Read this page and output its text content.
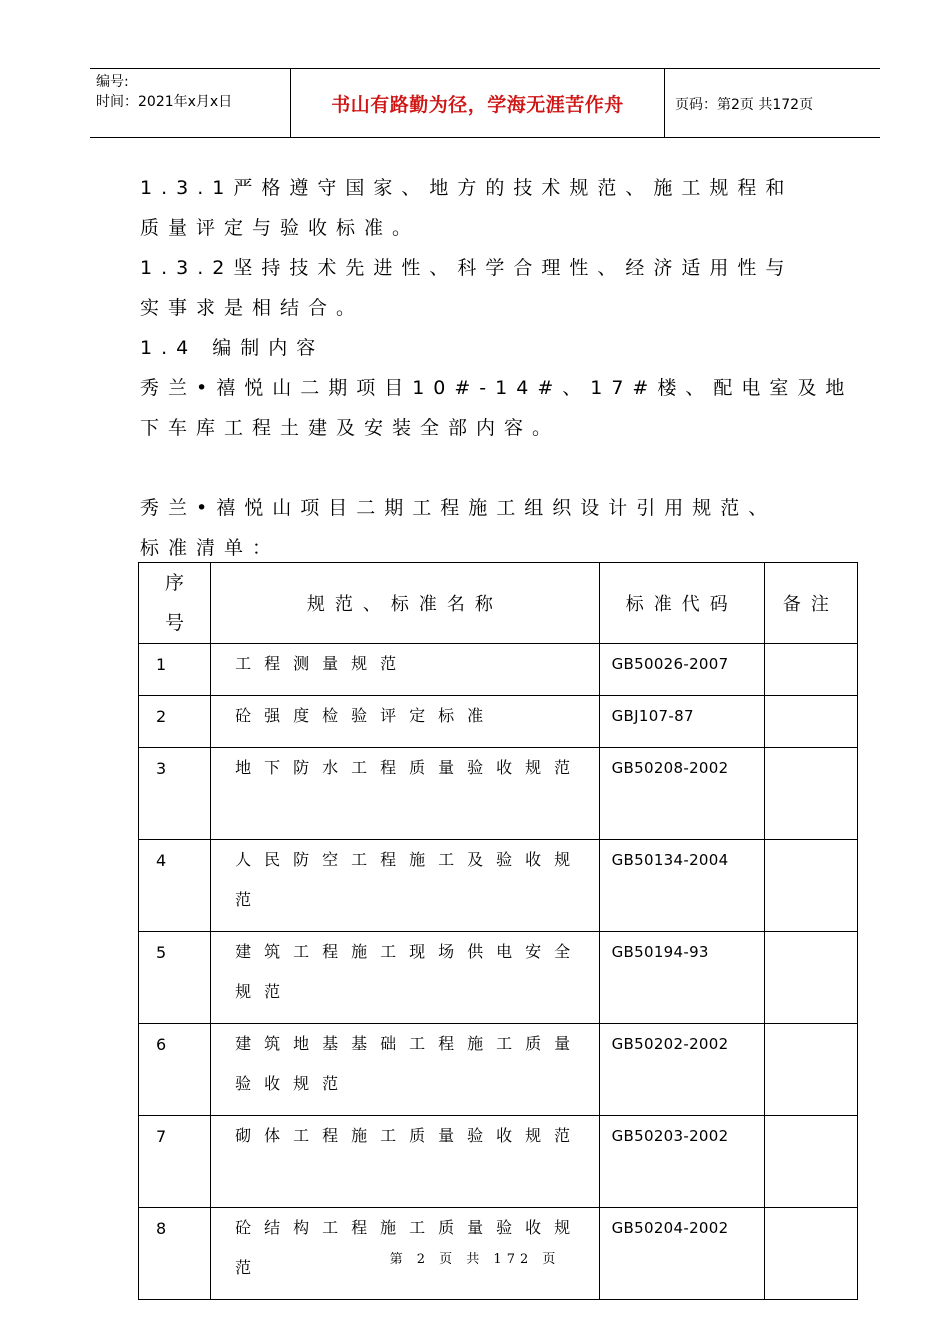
编号:
时间：2021年x月x日	书山有路勤为径，学海无涯苦作舟	页码：第2页 共172页
1.3.1严格遵守国家、地方的技术规范、施工规程和
质量评定与验收标准。
1.3.2坚持技术先进性、科学合理性、经济适用性与
实事求是相结合。
1.4 编制内容
秀兰•禧悦山二期项目10#-14#、17#楼、配电室及地
下车库工程土建及安装全部内容。
秀兰•禧悦山项目二期工程施工组织设计引用规范、
标准清单：
序号	规范、标准名称	标准代码	备注
1	工程测量规范	GB50026-2007	
2	砼强度检验评定标准	GBJ107-87	
3	地下防水工程质量验收规范	GB50208-2002	
4	人民防空工程施工及验收规范	GB50134-2004	
5	建筑工程施工现场供电安全规范	GB50194-93	
6	建筑地基基础工程施工质量验收规范	GB50202-2002	
7	砌体工程施工质量验收规范	GB50203-2002	
8	砼结构工程施工质量验收规范	GB50204-2002	
第 2 页 共 172 页
